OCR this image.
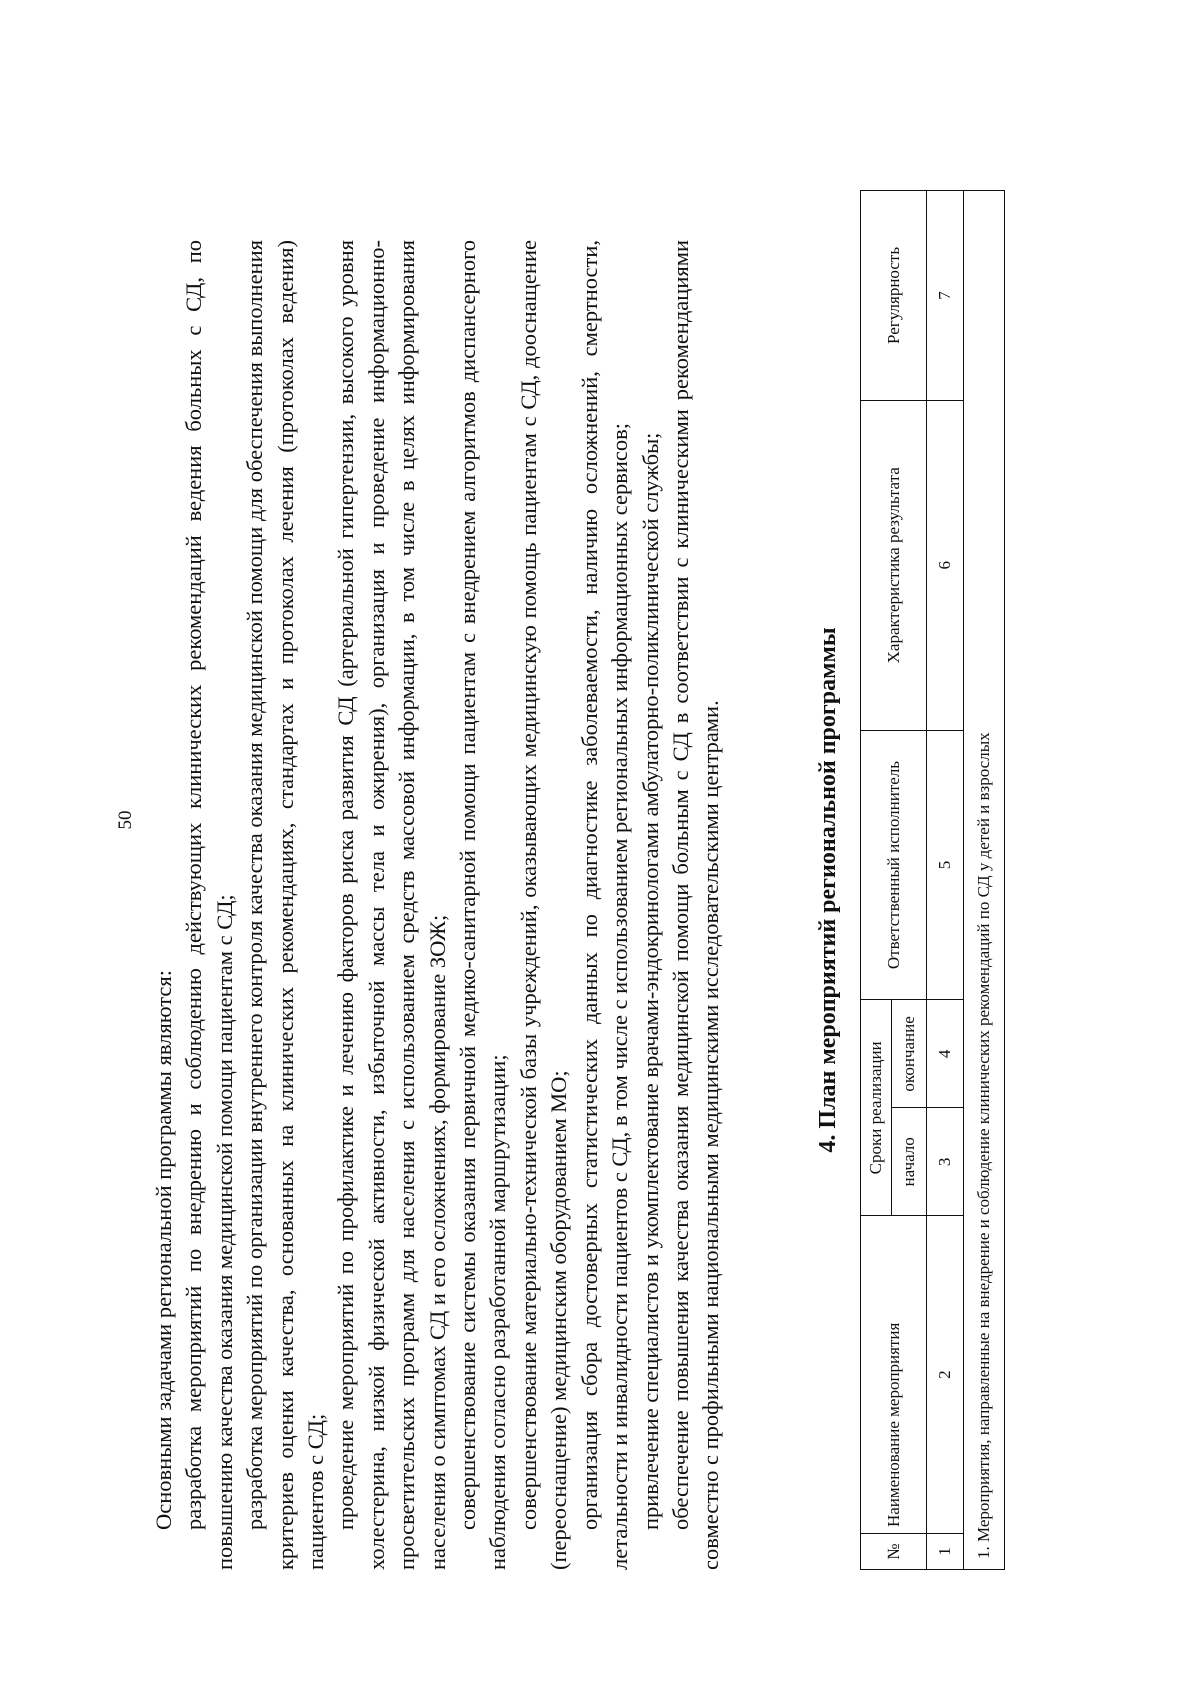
50

Основными задачами региональной программы являются: разработка мероприятий по внедрению и соблюдению действующих клинических рекомендаций ведения больных с СД, по повышению качества оказания медицинской помощи пациентам с СД; разработка мероприятий по организации внутреннего контроля качества оказания медицинской помощи для обеспечения выполнения критериев оценки качества, основанных на клинических рекомендациях, стандартах и протоколах лечения (протоколах ведения) пациентов с СД; проведение мероприятий по профилактике и лечению факторов риска развития СД (артериальной гипертензии, высокого уровня холестерина, низкой физической активности, избыточной массы тела и ожирения), организация и проведение информационно-просветительских программ для населения с использованием средств массовой информации, в том числе в целях информирования населения о симптомах СД и его осложнениях, формирование ЗОЖ; совершенствование системы оказания первичной медико-санитарной помощи пациентам с внедрением алгоритмов диспансерного наблюдения согласно разработанной маршрутизации; совершенствование материально-технической базы учреждений, оказывающих медицинскую помощь пациентам с СД, дооснащение (переоснащение) медицинским оборудованием МО; организация сбора достоверных статистических данных по диагностике заболеваемости, наличию осложнений, смертности, летальности и инвалидности пациентов с СД, в том числе с использованием региональных информационных сервисов; привлечение специалистов и укомплектование врачами-эндокринологами амбулаторно-поликлинической службы; обеспечение повышения качества оказания медицинской помощи больным с СД в соответствии с клиническими рекомендациями совместно с профильными национальными медицинскими исследовательскими центрами.	4. План мероприятий региональной программы
№	Наименование мероприятия	Сроки реализации		Ответственный исполнитель	Характеристика результата	Регулярность
		начало	окончание			
1	2	3	4	5	6	7
1. Мероприятия, направленные на внедрение и соблюдение клинических рекомендаций по СД у детей и взрослых						
